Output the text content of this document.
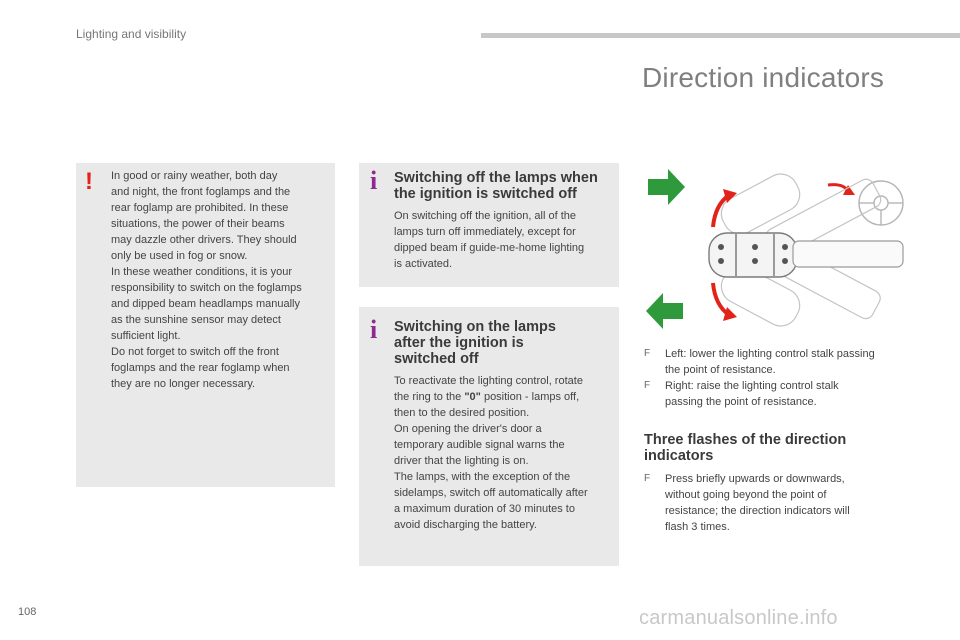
Lighting and visibility
Direction indicators
! In good or rainy weather, both day
and night, the front foglamps and the
rear foglamp are prohibited. In these
situations, the power of their beams
may dazzle other drivers. They should
only be used in fog or snow.
In these weather conditions, it is your
responsibility to switch on the foglamps
and dipped beam headlamps manually
as the sunshine sensor may detect
sufficient light.
Do not forget to switch off the front
foglamps and the rear foglamp when
they are no longer necessary.
i Switching off the lamps when
the ignition is switched off
On switching off the ignition, all of the
lamps turn off immediately, except for
dipped beam if guide-me-home lighting
is activated.
i Switching on the lamps
after the ignition is
switched off
To reactivate the lighting control, rotate
the ring to the "0" position - lamps off,
then to the desired position.
On opening the driver's door a
temporary audible signal warns the
driver that the lighting is on.
The lamps, with the exception of the
sidelamps, switch off automatically after
a maximum duration of 30 minutes to
avoid discharging the battery.
F Left: lower the lighting control stalk passing
the point of resistance.
F Right: raise the lighting control stalk
passing the point of resistance.
Three flashes of the direction
indicators
F Press briefly upwards or downwards,
without going beyond the point of
resistance; the direction indicators will
flash 3 times.
108	carmanualsonline.info
